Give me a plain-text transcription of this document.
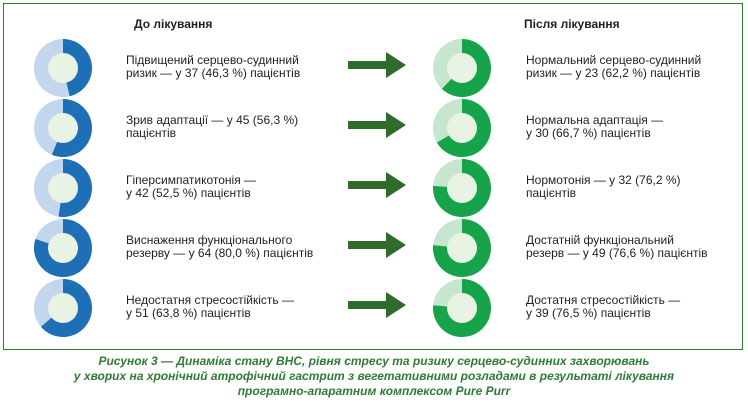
До лікування	Після лікування
Підвищений серцево-судинний
ризик — у 37 (46,3 %) пацієнтів
Нормальний серцево-судинний
ризик — у 23 (62,2 %) пацієнтів
Зрив адаптації — у 45 (56,3 %)
пацієнтів
Нормальна адаптація —
у 30 (66,7 %) пацієнтів
Гіперсимпатикотонія —
у 42 (52,5 %) пацієнтів
Нормотонія — у 32 (76,2 %)
пацієнтів
Виснаження функціонального
резерву — у 64 (80,0 %) пацієнтів
Достатній функціональний
резерв — у 49 (76,6 %) пацієнтів
Недостатня стресостійкість —
у 51 (63,8 %) пацієнтів
Достатня стресостійкість —
у 39 (76,5 %) пацієнтів
Рисунок 3 — Динаміка стану ВНС, рівня стресу та ризику серцево-судинних захворювань
у хворих на хронічний атрофічний гастрит з вегетативними розладами в результаті лікування
програмно-апаратним комплексом Pure Purr
